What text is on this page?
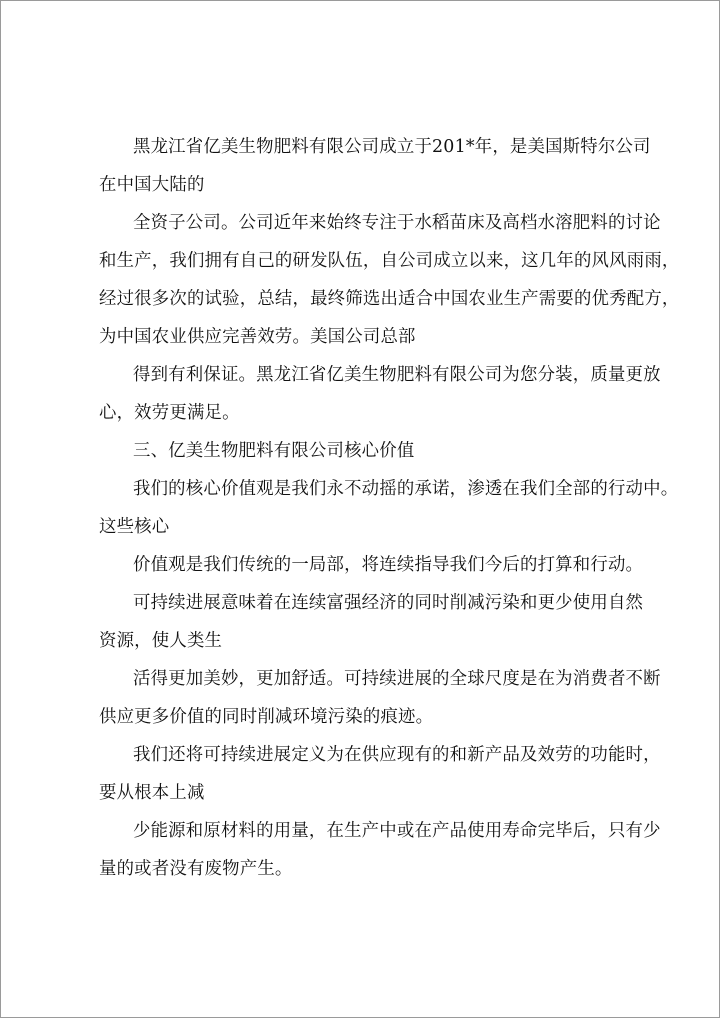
黑龙江省亿美生物肥料有限公司成立于201*年，是美国斯特尔公司
在中国大陆的
全资子公司。公司近年来始终专注于水稻苗床及高档水溶肥料的讨论
和生产，我们拥有自己的研发队伍，自公司成立以来，这几年的风风雨雨，
经过很多次的试验，总结，最终筛选出适合中国农业生产需要的优秀配方，
为中国农业供应完善效劳。美国公司总部
得到有利保证。黑龙江省亿美生物肥料有限公司为您分装，质量更放
心，效劳更满足。
三、亿美生物肥料有限公司核心价值
我们的核心价值观是我们永不动摇的承诺，渗透在我们全部的行动中。
这些核心
价值观是我们传统的一局部，将连续指导我们今后的打算和行动。
可持续进展意味着在连续富强经济的同时削减污染和更少使用自然
资源，使人类生
活得更加美妙，更加舒适。可持续进展的全球尺度是在为消费者不断
供应更多价值的同时削减环境污染的痕迹。
我们还将可持续进展定义为在供应现有的和新产品及效劳的功能时，
要从根本上减
少能源和原材料的用量，在生产中或在产品使用寿命完毕后，只有少
量的或者没有废物产生。
